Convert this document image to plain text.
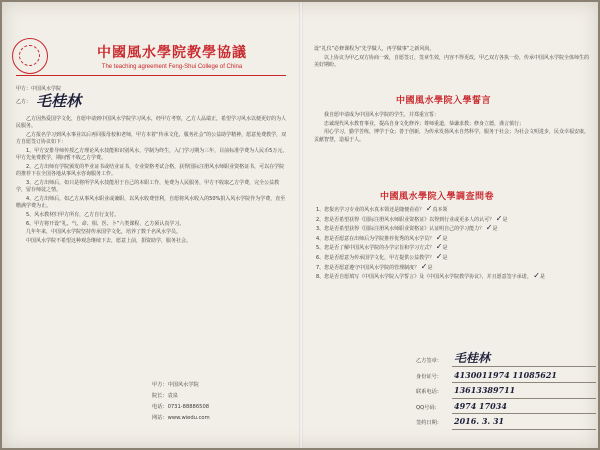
中國風水學院教學協議
The teaching agreement Feng-Shui College of China
甲方：中国风水学院
乙方： 毛桂林

乙方因热爱国学文化，自愿申请到中国风水学院学习风水，经甲方考察，乙方人品端正，希望学习风水以便更好的为人民服务。

乙方报名学习到风水事业以后再回报母校和老师，甲方本着“传承文化，服务社会”的公益助学精神，愿意免费教学，双方自愿签订协议如下：

1、甲方安排导师传授乙方理论风水技能和识别风水，学制为终生，入门学习期为三年，目前标准学费为人民币5万元，甲方先免费教学，期间暂不收乙方学费。

2、乙方出师有学院颁发的毕业证书或结业证书，专业资格考试合格，获得国际注册风水师职业资格证书，可以在学院的推荐下在全国各地从事风水咨询服务工作。

3、乙方出师后，如只是将所学风水技能用于自己的本职工作，免费为人民服务，甲方不收取乙方学费，完全公益教学，留存师徒之情。

4、乙方出师后，如乙方从事风水职业或兼职，以风水收费营利，自愿将风水收入的50%捐入风水学院作为学费，直至缴满学费为止。

5、风水教材归甲方所有，乙方自行支付。

6、甲方将开设“礼、气、命、相、医、卜”六类课程，乙方须认真学习。

几年年来，中国风水学院坚持传承国学文化，培养了数千名风水学员。

中国风水学院不希望这种观念继续下去，愿意上前，捐资助学，服务社会。

甲方：中国风水学院
院长：袁泉
电话：0731-88886508
网站：www.wiedu.com

设“礼仪”必修课程为“先学做人，再学做事”之新风尚。

以上协议为甲乙双方协商一致，自愿签订，签章生效，内容不得更改，甲乙双方各执一份，传承中国风水学院全体师生的美好期盼。

中國風水學院入學誓言

我自愿申请成为中国风水学院的学生，并郑重宣誓：

忠诚现代风水教育事业，提高自身文化修养；尊师重道，恭谦求教；修身立德，谨言慎行；

用心学习，勤学苦练，博学于众；善于创新，为传承发扬风水自然科学，服务于社会；为社会文明进步，民众幸福安康，贡献智慧，造福于人。

中國風水學院入學調查問卷
1、您报名学习专业的风水真本领还是随便看看？ ✓真本领
2、您是否希望获得《国际注册风水师职业资格证》以得到行业或更多人的认可？ ✓是
3、您是否希望获得《国际注册风水师职业资格证》认证明自己的学习能力？ ✓是
4、您是否愿意在出师后为学院推荐优秀的风水学员？ ✓是
5、您是否了解中国风水学院的办学宗旨和学习方式？ ✓是
6、您是否愿意为传承国学文化，甲方提供公益教学？ ✓是
7、您是否愿意遵守中国风水学院的管理制度？ ✓是
8、您是否自愿填写《中国风水学院入学誓言》及《中国风水学院教学协议》，并且愿意签字承诺。 ✓是
乙方签章：	毛桂林
身份证号：	4130011974 11085621
联系电话：	13613389711
QQ号码：	4974 17034
签约日期：	2016. 3. 31
